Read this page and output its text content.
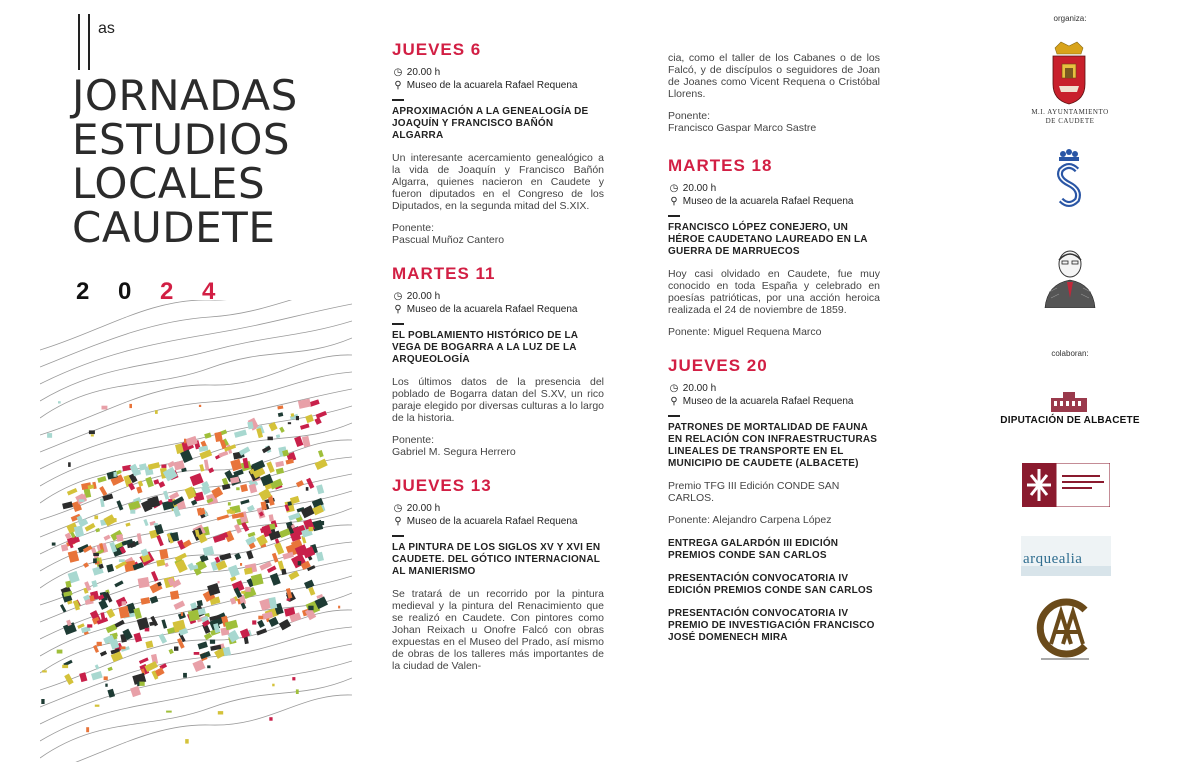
as
JORNADAS
ESTUDIOS
LOCALES
CAUDETE
2 0 2 4
JUEVES 6
◷ 20.00 h
⚲ Museo de la acuarela Rafael Requena
APROXIMACIÓN A LA GENEALOGÍA DE JOAQUÍN Y FRANCISCO BAÑÓN ALGARRA
Un interesante acercamiento genealógico a la vida de Joaquín y Francisco Bañón Algarra, quienes nacieron en Caudete y fueron diputados en el Congreso de los Diputados, en la segunda mitad del S.XIX.
Ponente:
Pascual Muñoz Cantero
MARTES 11
◷ 20.00 h
⚲ Museo de la acuarela Rafael Requena
EL POBLAMIENTO HISTÓRICO DE LA VEGA DE BOGARRA A LA LUZ DE LA ARQUEOLOGÍA
Los últimos datos de la presencia del poblado de Bogarra datan del S.XV, un rico paraje elegido por diversas culturas a lo largo de la historia.
Ponente:
Gabriel M. Segura Herrero
JUEVES 13
◷ 20.00 h
⚲ Museo de la acuarela Rafael Requena
LA PINTURA DE LOS SIGLOS XV Y XVI EN CAUDETE. DEL GÓTICO INTERNACIONAL AL MANIERISMO
Se tratará de un recorrido por la pintura medieval y la pintura del Renacimiento que se realizó en Caudete. Con pintores como Johan Reixach u Onofre Falcó con obras expuestas en el Museo del Prado, así mismo de obras de los talleres más importantes de la ciudad de Valen-
cia, como el taller de los Cabanes o de los Falcó, y de discípulos o seguidores de Joan de Joanes como Vicent Requena o Cristóbal Llorens.
Ponente:
Francisco Gaspar Marco Sastre
MARTES 18
◷ 20.00 h
⚲ Museo de la acuarela Rafael Requena
FRANCISCO LÓPEZ CONEJERO, UN HÉROE CAUDETANO LAUREADO EN LA GUERRA DE MARRUECOS
Hoy casi olvidado en Caudete, fue muy conocido en toda España y celebrado en poesías patrióticas, por una acción heroica realizada el 24 de noviembre de 1859.
Ponente: Miguel Requena Marco
JUEVES 20
◷ 20.00 h
⚲ Museo de la acuarela Rafael Requena
PATRONES DE MORTALIDAD DE FAUNA EN RELACIÓN CON INFRAESTRUCTURAS LINEALES DE TRANSPORTE EN EL MUNICIPIO DE CAUDETE (ALBACETE)
Premio TFG III Edición CONDE SAN CARLOS.
Ponente: Alejandro Carpena López
ENTREGA GALARDÓN III EDICIÓN PREMIOS CONDE SAN CARLOS
PRESENTACIÓN CONVOCATORIA IV EDICIÓN PREMIOS CONDE SAN CARLOS
PRESENTACIÓN CONVOCATORIA IV PREMIO DE INVESTIGACIÓN FRANCISCO JOSÉ DOMENECH MIRA
organiza:
M.I. AYUNTAMIENTO
DE CAUDETE
colaboran:
DIPUTACIÓN DE ALBACETE
arquealia
